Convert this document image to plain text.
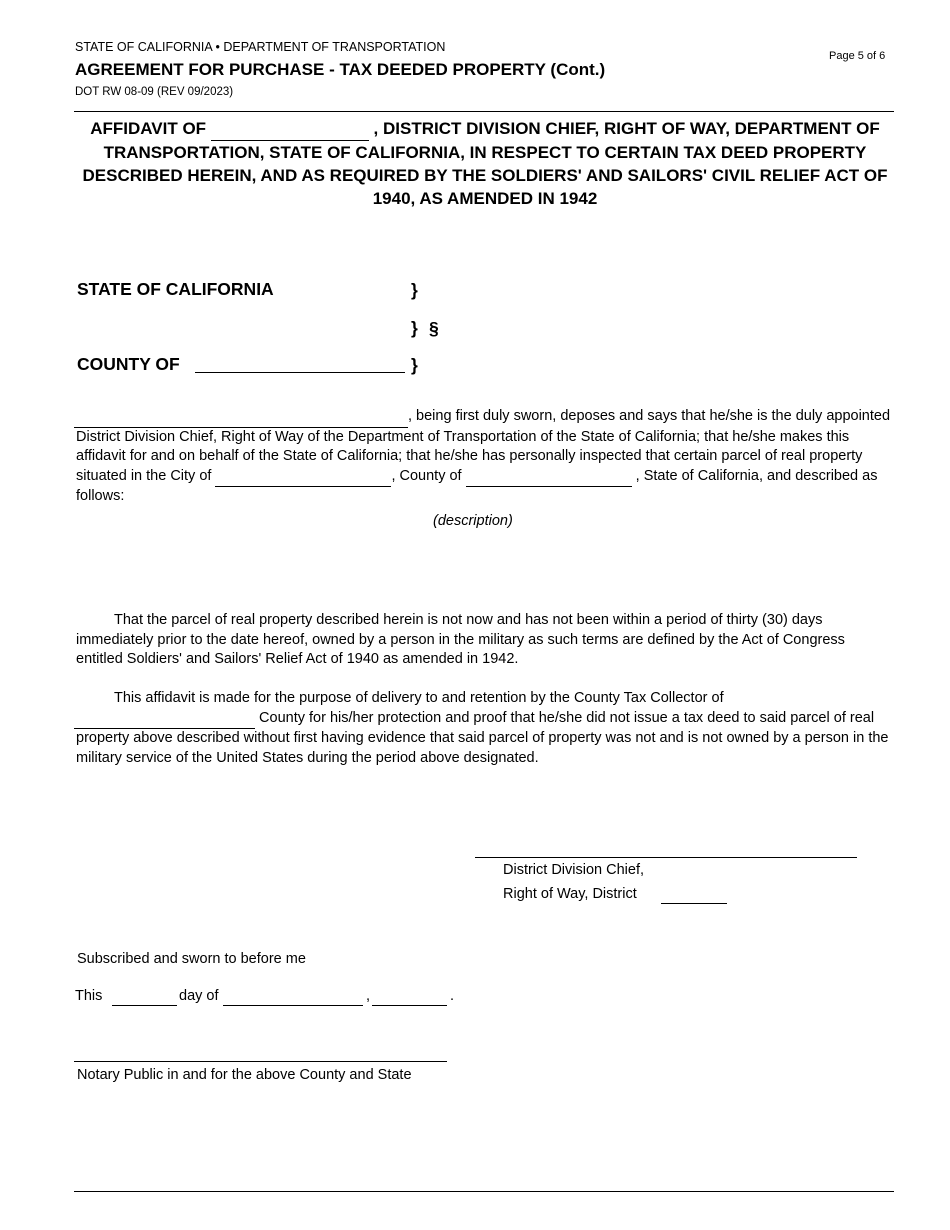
STATE OF CALIFORNIA • DEPARTMENT OF TRANSPORTATION
AGREEMENT FOR PURCHASE - TAX DEEDED PROPERTY (Cont.)
DOT RW 08-09 (REV 09/2023)
Page 5 of 6
AFFIDAVIT OF	, DISTRICT DIVISION CHIEF, RIGHT OF WAY, DEPARTMENT OF TRANSPORTATION, STATE OF CALIFORNIA, IN RESPECT TO CERTAIN TAX DEED PROPERTY DESCRIBED HEREIN, AND AS REQUIRED BY THE SOLDIERS' AND SAILORS' CIVIL RELIEF ACT OF 1940, AS AMENDED IN 1942
STATE OF CALIFORNIA	}
} §
COUNTY OF	}
, being first duly sworn, deposes and says that he/she is the duly appointed District Division Chief, Right of Way of the Department of Transportation of the State of California; that he/she makes this affidavit for and on behalf of the State of California; that he/she has personally inspected that certain parcel of real property situated in the City of	, County of	, State of California, and described as follows:
(description)
That the parcel of real property described herein is not now and has not been within a period of thirty (30) days immediately prior to the date hereof, owned by a person in the military as such terms are defined by the Act of Congress entitled Soldiers' and Sailors' Relief Act of 1940 as amended in 1942.
This affidavit is made for the purpose of delivery to and retention by the County Tax Collector of
County for his/her protection and proof that he/she did not issue a tax deed to said parcel of real property above described without first having evidence that said parcel of property was not and is not owned by a person in the military service of the United States during the period above designated.
District Division Chief,
Right of Way, District
Subscribed and sworn to before me
This	day of	,	.
Notary Public in and for the above County and State
